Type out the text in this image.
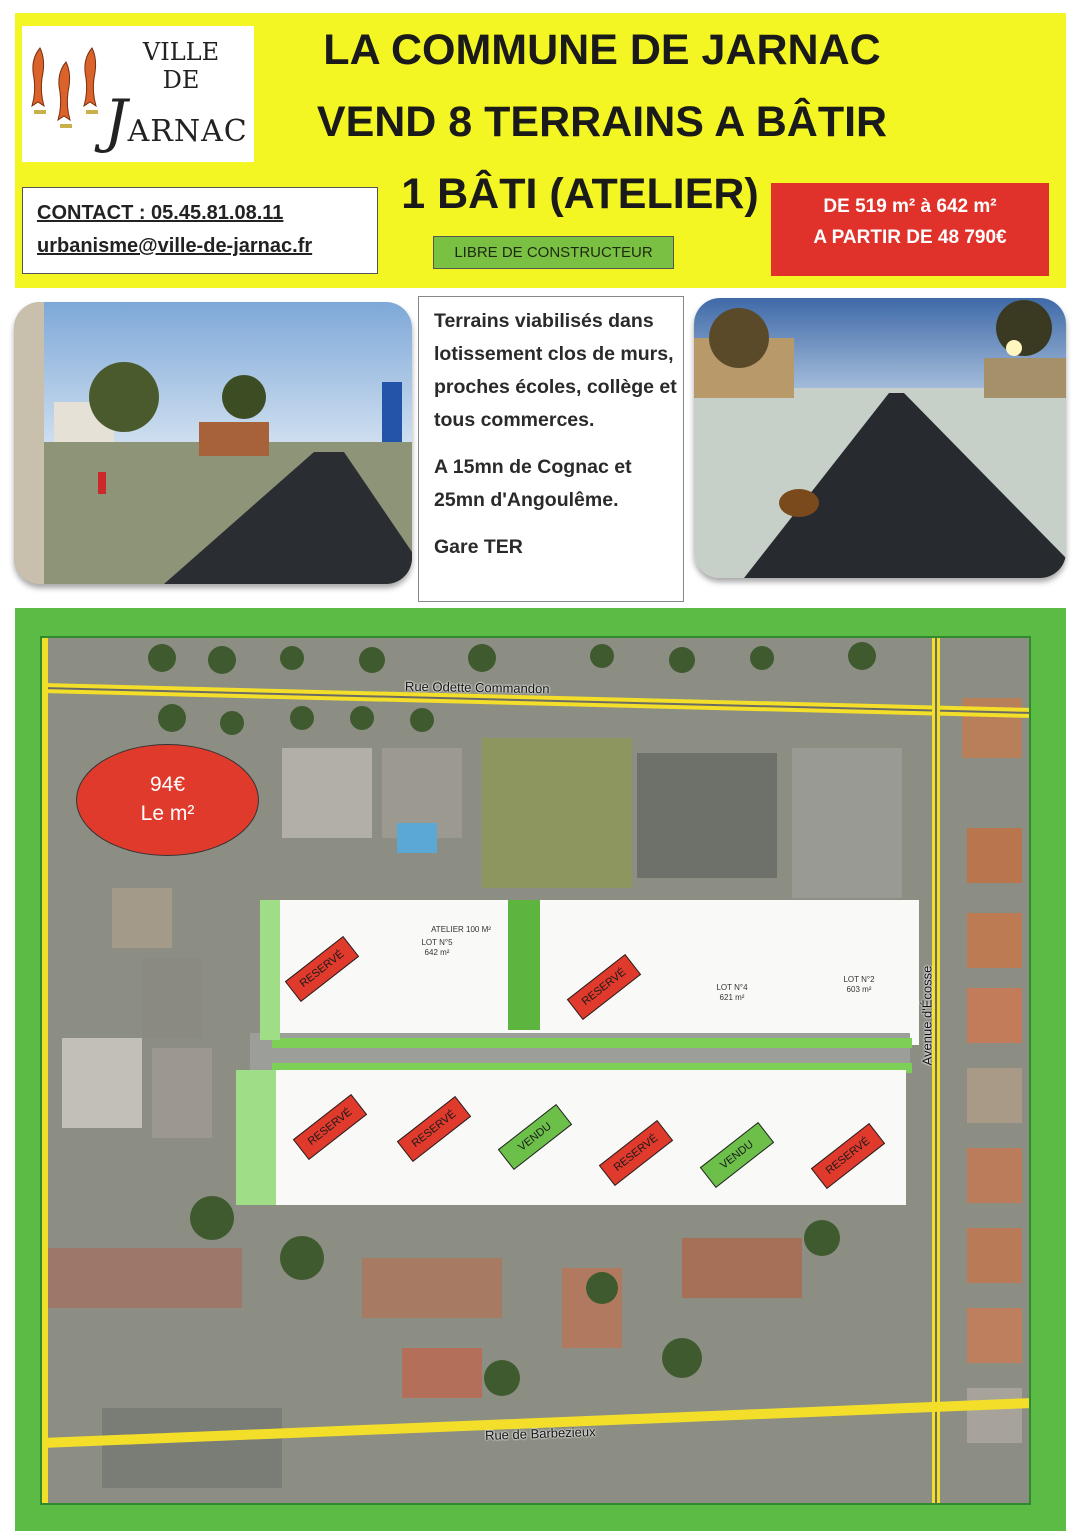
VILLE
DE
JARNAC
LA COMMUNE DE JARNAC
VEND 8 TERRAINS A BÂTIR
1 BÂTI (ATELIER)
CONTACT : 05.45.81.08.11
urbanisme@ville-de-jarnac.fr	LIBRE DE CONSTRUCTEUR
DE 519 m² à 642 m²
A PARTIR DE 48 790€

Terrains viabilisés dans lotissement clos de murs, proches écoles, collège et tous commerces.

A 15mn de Cognac et 25mn d'Angoulême.

Gare TER

ATELIER 100 M²
LOT N°5
642 m²
LOT N°4
621 m²
LOT N°2
603 m²
RESERVÉ	RESERVÉ
RESERVÉ	RESERVÉ	VENDU	RESERVÉ	VENDU	RESERVÉ
Rue Odette Commandon
Rue de Barbezieux
Avenue d'Écosse
94€
Le m²
